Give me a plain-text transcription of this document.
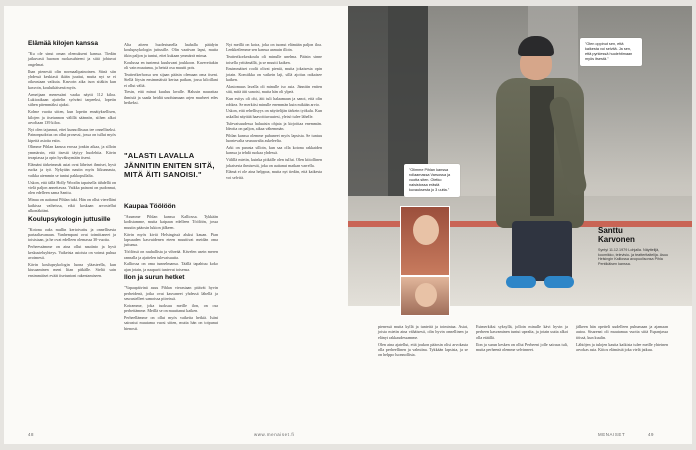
Elämää kilojen kanssa

"Ku ole sinut oman olemukseni kanssa. Tiedän jatkuvasti huonon ruokasuhteeni ja siitä johtuvat ongelmat.

Ihan pienestä olin normaalipainoinen. Siinä siin yhdessä keskiasti ikään juuttui, mutta nyt se ei oikeastaan vaikuta. Kasvoin aika ison sitäkin kun kasvoin, kouluikäisenä myös.

Armeijaan menessäni vaaka näytti 112 kiloa. Lukioaikaan ajattelin syöväni tarpeeksi, lopetin siihen pitemmäksi ajaksi.

Kolme vuotta sitten, kun lopetin ennätyksellisen, kilojen ja itsetunnon välillä säännön, siihen alkoi arvoltaan 139 kiloa.

Nyt olen tajunnut, ettei kunnollisuus tee onnelliseksi. Painonpudotus on ollut prosessi, jossa on tullut myös kipeitä asioita esiin.

Olimme Pihlan kanssa erossa jonkin aikaa, ja silloin ymmärsin, että itsestä täytyy huolehtia. Kävin terapiassa ja opin hyväksymään itseni.

Elämäni tärkeimmät asiat ovat läheiset ihmiset, hyvä ruoka ja työ. Nykyään nautin myös liikunnasta, vaikka aiemmin se tuntui pakkopullalta.

Uskon, että tällä Holly Woodin tapaisella tähdellä on vielä paljon annettavaa. Vaikka painoni on pudonnut, olen edelleen sama Santtu.

Minua on auttanut Pihlan tuki. Hän on ollut vierelläni kaikissa vaiheissa, eikä koskaan arvostellut ulkonäköäni.

Koulupsykologin juttusille

"Kotona oaks mullin kertoivattu ja onnellisesta partaaltavanaan. Vanhempani ovat toimittaneet ja toisistaan, ja he ovat edelleen olemassa 30-vuotta.

Perheessämme on aina ollut nautinto ja hyvä keskusteluyhteys. Vaikeista asioista on voinut puhua avoimesti.

Kävin koulupsykologin luona yläasteella, kun kiusaaminen meni liian pitkälle. Sieltä sain ensimmäiset eväät itsetuntoni rakentamiseen.

"ALASTI LAVALLA JÄNNITIN ENITEN SITÄ, MITÄ ÄITI SANOISI."

Alta aiteen huolestunella lauhalla päädyin koulupsykologin juttusille. Olin vaativan lapsi, mutta itkin paljon ja tuntui, ettei kukaan ymmärrä minua.

Koulussa en tuntenut kuuluvani joukkoon. Kavereitakin oli vain muutama, ja heistä osa muutti pois.

Teatterikerhossa sen sijaan pääsin olemaan oma itseni. Siellä löysin ensimmäistä kertaa paikan, jossa kiloillani ei ollut väliä.

Tiesin, että minut kuuluu lavalle. Halusin naurattaa ihmisiä ja saada heidät unohtamaan arjen murheet edes hetkeksi.

Kaupaa Töölöön

"Asumme Pihlan kanssa Kalliossa. Tykkään kodistamme, mutta kaipaan edelleen Töölöön, jossa muutin pääosin lukion jälkeen.

Kävin myös kiviä Helsingissä aluksi kauan. Pian lapsuuden kasvuidenen eteen muuttivat meidän oma juttunsa.

Töölössä on rauhallista ja vihreää. Kävelen usein meren rannalla ja ajattelen tulevaisuutta.

Kalliossa on oma tunnelmansa. Täällä tapahtuu koko ajan jotain, ja naapurit tuntevat toisensa.

Ilon ja surun hetket

"Vapaapäivinä asuu Pihlan vierastaan pitävät hyvin perheidenä, jotka ovat kasvaneet yhdessä lähellä ja seurustelleet samoissa piireissä.

Koiramme, joka tuoksuu meille ilon, on osa perhettämme. Meillä se on muuttanut kaiken.

Perheellämme on ollut myös vaikeita hetkiä. Isäni sairastui muutama vuosi sitten, mutta hän on toipunut hienosti.

Nyt meillä on koira, joka on tuonut elämään paljon iloa. Lenkkeilemme sen kanssa aamuin illoin.

Teatterikorkeakoulu oli minulle unelma. Pääsin sinne toisella yrittämällä, ja se muutti kaiken.

Ensimmäiset roolit olivat pieniä, mutta jokaisesta opin jotain. Komiikka on vaikein laji, sillä ajoitus ratkaisee kaiken.

Alastomuus lavalla oli minulle iso asia. Jännitin eniten sitä, mitä äiti sanoisi, mutta hän oli ylpeä.

Kun esitys oli ohi, äiti tuli halaamaan ja sanoi, että olin rohkea. Se merkitsi minulle enemmän kuin mikään arvio.

Uskon, että rehellisyys on näyttelijän tärkein työkalu. Kun uskallat näyttää haavoittuvuutesi, yleisö tulee lähelle.

Tulevaisuudessa haluaisin ohjata ja kirjoittaa enemmän. Ideoita on paljon, aikaa vähemmän.

Pihlan kanssa olemme puhuneet myös lapsista. Se tuntuu luontevalta seuraavalta askeleelta.

Arki on parasta silloin, kun saa olla kotona rakkaiden kanssa ja tehdä ruokaa yhdessä.

Välillä mietin, kuinka pitkälle olen tullut. Olen kiitollinen jokaisesta ihmisestä, joka on auttanut matkan varrella.

Elämä ei ole aina helppoa, mutta nyt tiedän, että kaikesta voi selvitä.

48	www.menaiset.fi
"Olen oppinut sen, että kaikesta voi selvitä. Ja sen, että pyrkiessä huolehtimaan myös itsestä."
"Olimme Pihlan kanssa rollaamassa Varsossa ja vuotta siten. Oletko naisistossa erästä kuvauksesta jo 3 uutta."
Santtu
Karvonen
Syntyi 11.12.1979 Lohjalla. Näyttelijä, koomikko, televisio- ja teatteritaitelija. Asuu Helsingin Kalliossa avopuolisonsa Pihla Pentikäisen kanssa.

pienessä mutta kyllä ja tunteitä ja toimintaa. Asiat, joista mietin aina vähäisesti, olin hyvin onnellinen ja elänyt rakkaudessamme.

Olen aina ajatellut, että joukon pääosin olisi arvokasta olla perheellinen ja valmiina. Tykkään lapsista, ja se on helppo luonnollista.

Esimerkiksi syksyllä, jolloin minulle kävi hyvin ja perheen kasvaminen tuntui upealta, ja jotain uutta alkoi olla etäällä.

Ilon ja surun kesken on ollut Perheeni jolle sairaus tuli, mutta perheenä olemme selvinneet.

jälkeen hän opetteli uudelleen puhumaan ja ajamaan autoa. Sisaresni oli muutamaa vuotta siitä Espanjassa töissä, kun kuulin.

Lähtöjen ja tulojen kautta kaikista tulee meille yhteinen arvokas asia. Kiitos elämästä joka vielä jatkuu.

MENAISET	49
